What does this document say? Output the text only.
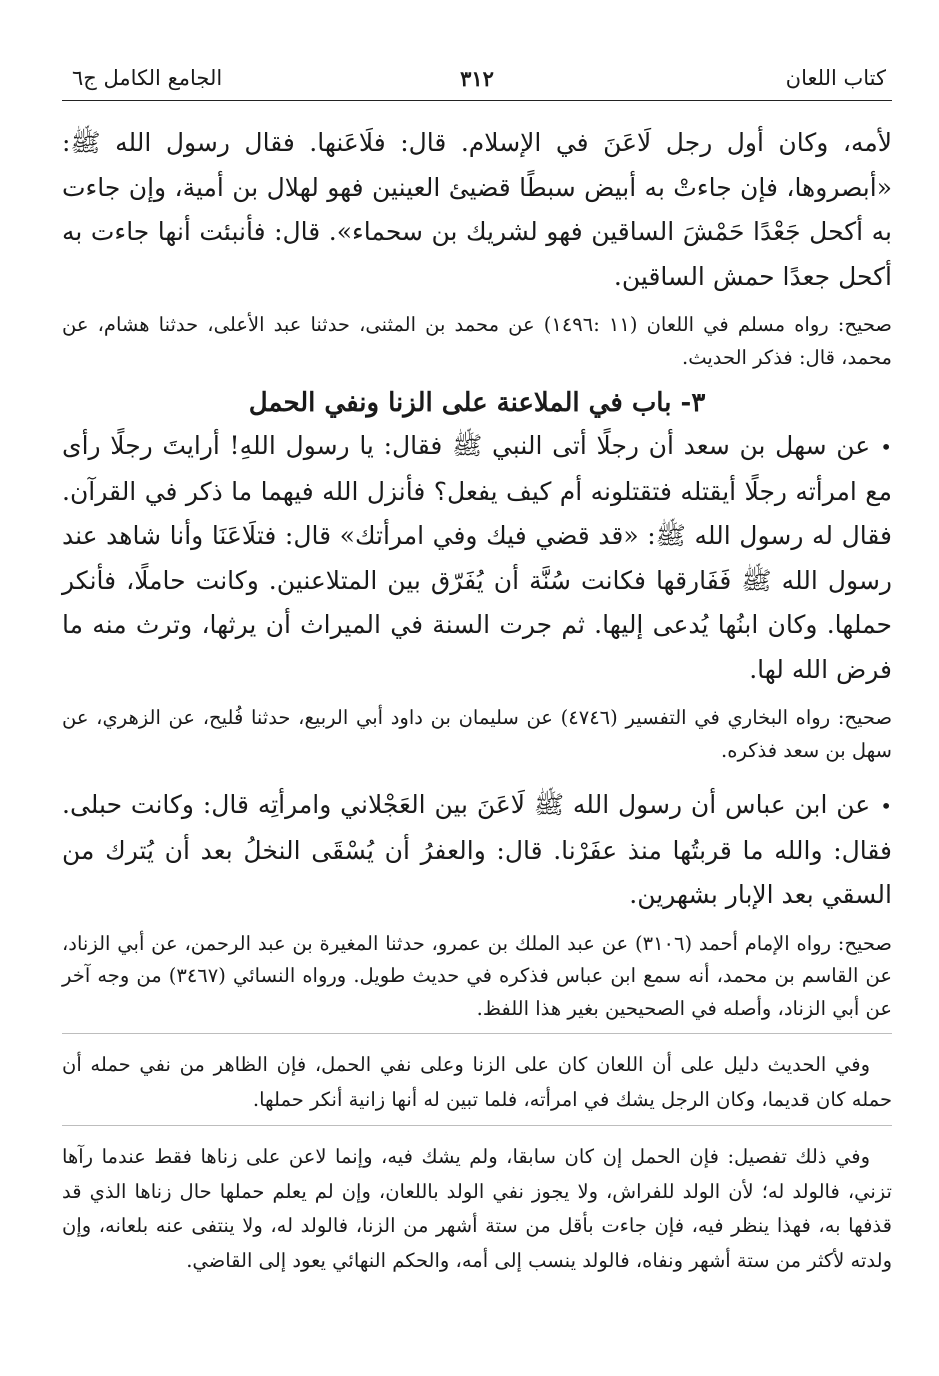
كتاب اللعان
٣١٢
الجامع الكامل ج٦

لأمه، وكان أول رجل لَاعَنَ في الإسلام. قال: فلَاعَنها. فقال رسول الله ﷺ: «أبصروها، فإن جاءتْ به أبيض سبطًا قضيئ العينين فهو لهلال بن أمية، وإن جاءت به أكحل جَعْدًا حَمْشَ الساقين فهو لشريك بن سحماء». قال: فأنبئت أنها جاءت به أكحل جعدًا حمش الساقين.

صحيح: رواه مسلم في اللعان (١١ :١٤٩٦) عن محمد بن المثنى، حدثنا عبد الأعلى، حدثنا هشام، عن محمد، قال: فذكر الحديث.

٣- باب في الملاعنة على الزنا ونفي الحمل

•عن سهل بن سعد أن رجلًا أتى النبي ﷺ فقال: يا رسول اللهِ! أرايتَ رجلًا رأى مع امرأته رجلًا أيقتله فتقتلونه أم كيف يفعل؟ فأنزل الله فيهما ما ذكر في القرآن. فقال له رسول الله ﷺ: «قد قضي فيك وفي امرأتك» قال: فتلَاعَنَا وأنا شاهد عند رسول الله ﷺ فَفَارقها فكانت سُنَّة أن يُفَرّق بين المتلاعنين. وكانت حاملًا، فأنكر حملها. وكان ابنُها يُدعى إليها. ثم جرت السنة في الميراث أن يرثها، وترث منه ما فرض الله لها.

صحيح: رواه البخاري في التفسير (٤٧٤٦) عن سليمان بن داود أبي الربيع، حدثنا فُليح، عن الزهري، عن سهل بن سعد فذكره.

•عن ابن عباس أن رسول الله ﷺ لَاعَنَ بين العَجْلاني وامرأتِه قال: وكانت حبلى. فقال: والله ما قربتُها منذ عفَرْنا. قال: والعفرُ أن يُسْقَى النخلُ بعد أن يُترك من السقي بعد الإبار بشهرين.

صحيح: رواه الإمام أحمد (٣١٠٦) عن عبد الملك بن عمرو، حدثنا المغيرة بن عبد الرحمن، عن أبي الزناد، عن القاسم بن محمد، أنه سمع ابن عباس فذكره في حديث طويل. ورواه النسائي (٣٤٦٧) من وجه آخر عن أبي الزناد، وأصله في الصحيحين بغير هذا اللفظ.

وفي الحديث دليل على أن اللعان كان على الزنا وعلى نفي الحمل، فإن الظاهر من نفي حمله أن حمله كان قديما، وكان الرجل يشك في امرأته، فلما تبين له أنها زانية أنكر حملها.

وفي ذلك تفصيل: فإن الحمل إن كان سابقا، ولم يشك فيه، وإنما لاعن على زناها فقط عندما رآها تزني، فالولد له؛ لأن الولد للفراش، ولا يجوز نفي الولد باللعان، وإن لم يعلم حملها حال زناها الذي قد قذفها به، فهذا ينظر فيه، فإن جاءت بأقل من ستة أشهر من الزنا، فالولد له، ولا ينتفى عنه بلعانه، وإن ولدته لأكثر من ستة أشهر ونفاه، فالولد ينسب إلى أمه، والحكم النهائي يعود إلى القاضي.
